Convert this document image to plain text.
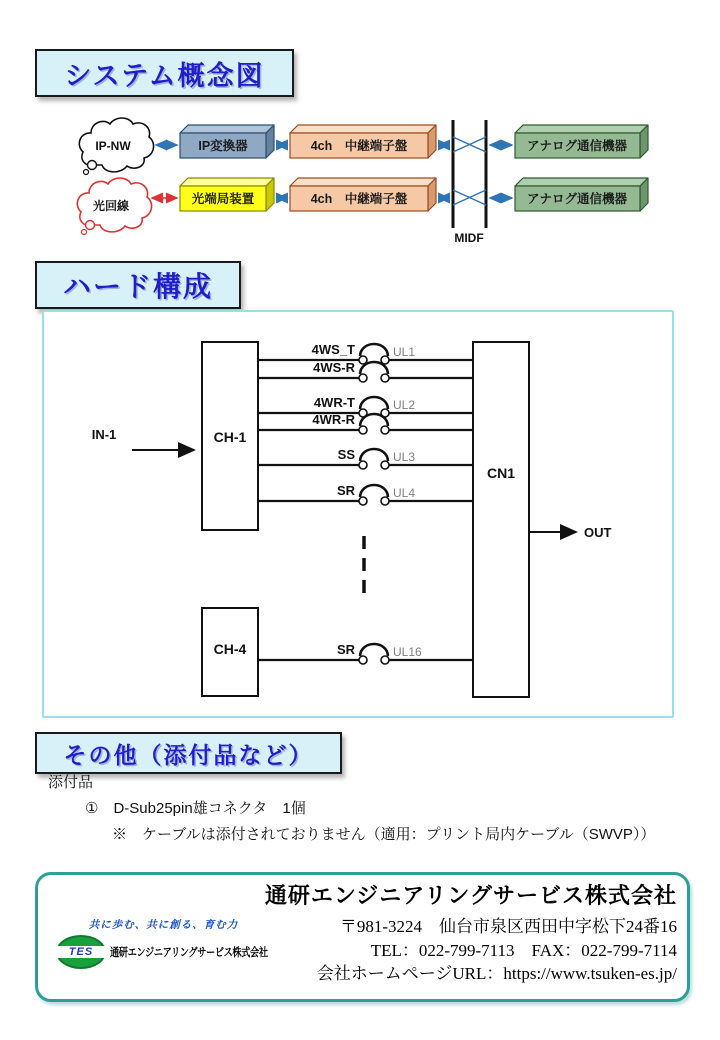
システム概念図
ハード構成
その他（添付品など）
IP-NW
光回線
IP変換器	4ch　中継端子盤	アナログ通信機器
光端局装置	4ch　中継端子盤	アナログ通信機器
MIDF
CH-1
CH-4
CN1
IN-1
OUT
4WS_T	UL1
4WS-R
4WR-T	UL2
4WR-R
SS	UL3
SR	UL4
SR	UL16
添付品
①　 D-Sub25pin雄コネクタ　1個
※　 ケーブルは添付されておりません（適用：プリント局内ケーブル（SWVP））
通研エンジニアリングサービス株式会社
〒981-3224　仙台市泉区西田中字松下24番16
TEL：022-799-7113　FAX：022-799-7114
会社ホームページURL：https://www.tsuken-es.jp/
共に歩む、共に創る、育む力
TES 通研エンジニアリングサービス株式会社
